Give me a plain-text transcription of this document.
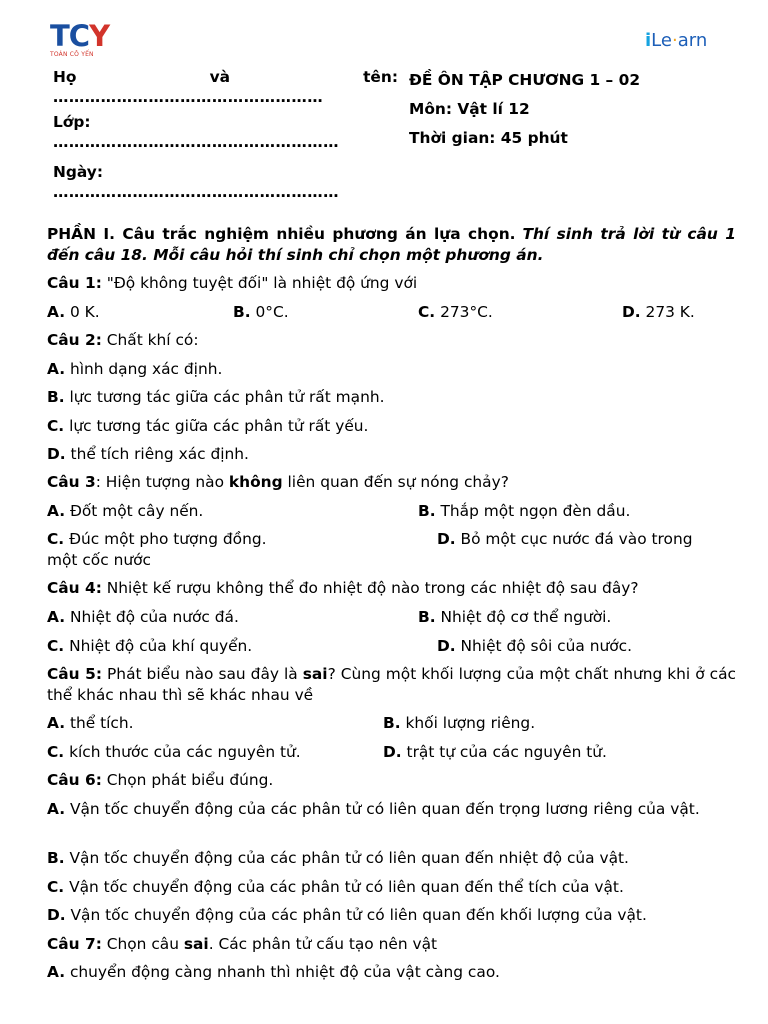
TCY
TOÁN CÔ YẾN
iLe·arn
Họ	và	tên:
……………………………………………
Lớp:
………………………………………………
Ngày:
………………………………………………
ĐỀ ÔN TẬP CHƯƠNG 1 – 02
Môn: Vật lí 12
Thời gian: 45 phút
PHẦN I. Câu trắc nghiệm nhiều phương án lựa chọn. Thí sinh trả lời từ câu 1 đến câu 18. Mỗi câu hỏi thí sinh chỉ chọn một phương án.
Câu 1: "Độ không tuyệt đối" là nhiệt độ ứng với
A. 0 K.	B. 0°C.	C. 273°C.	D. 273 K.
Câu 2: Chất khí có:
A. hình dạng xác định.
B. lực tương tác giữa các phân tử rất mạnh.
C. lực tương tác giữa các phân tử rất yếu.
D. thể tích riêng xác định.
Câu 3: Hiện tượng nào không liên quan đến sự nóng chảy?
A. Đốt một cây nến.	B. Thắp một ngọn đèn dầu.
C. Đúc một pho tượng đồng.	D. Bỏ một cục nước đá vào trong
một cốc nước
Câu 4: Nhiệt kế rượu không thể đo nhiệt độ nào trong các nhiệt độ sau đây?
A. Nhiệt độ của nước đá.	B. Nhiệt độ cơ thể người.
C. Nhiệt độ của khí quyển.	D. Nhiệt độ sôi của nước.
Câu 5: Phát biểu nào sau đây là sai? Cùng một khối lượng của một chất nhưng khi ở các thể khác nhau thì sẽ khác nhau về
A. thể tích.	B. khối lượng riêng.
C. kích thước của các nguyên tử.	D. trật tự của các nguyên tử.
Câu 6: Chọn phát biểu đúng.
A. Vận tốc chuyển động của các phân tử có liên quan đến trọng lương riêng của vật.
B. Vận tốc chuyển động của các phân tử có liên quan đến nhiệt độ của vật.
C. Vận tốc chuyển động của các phân tử có liên quan đến thể tích của vật.
D. Vận tốc chuyển động của các phân tử có liên quan đến khối lượng của vật.
Câu 7: Chọn câu sai. Các phân tử cấu tạo nên vật
A. chuyển động càng nhanh thì nhiệt độ của vật càng cao.
